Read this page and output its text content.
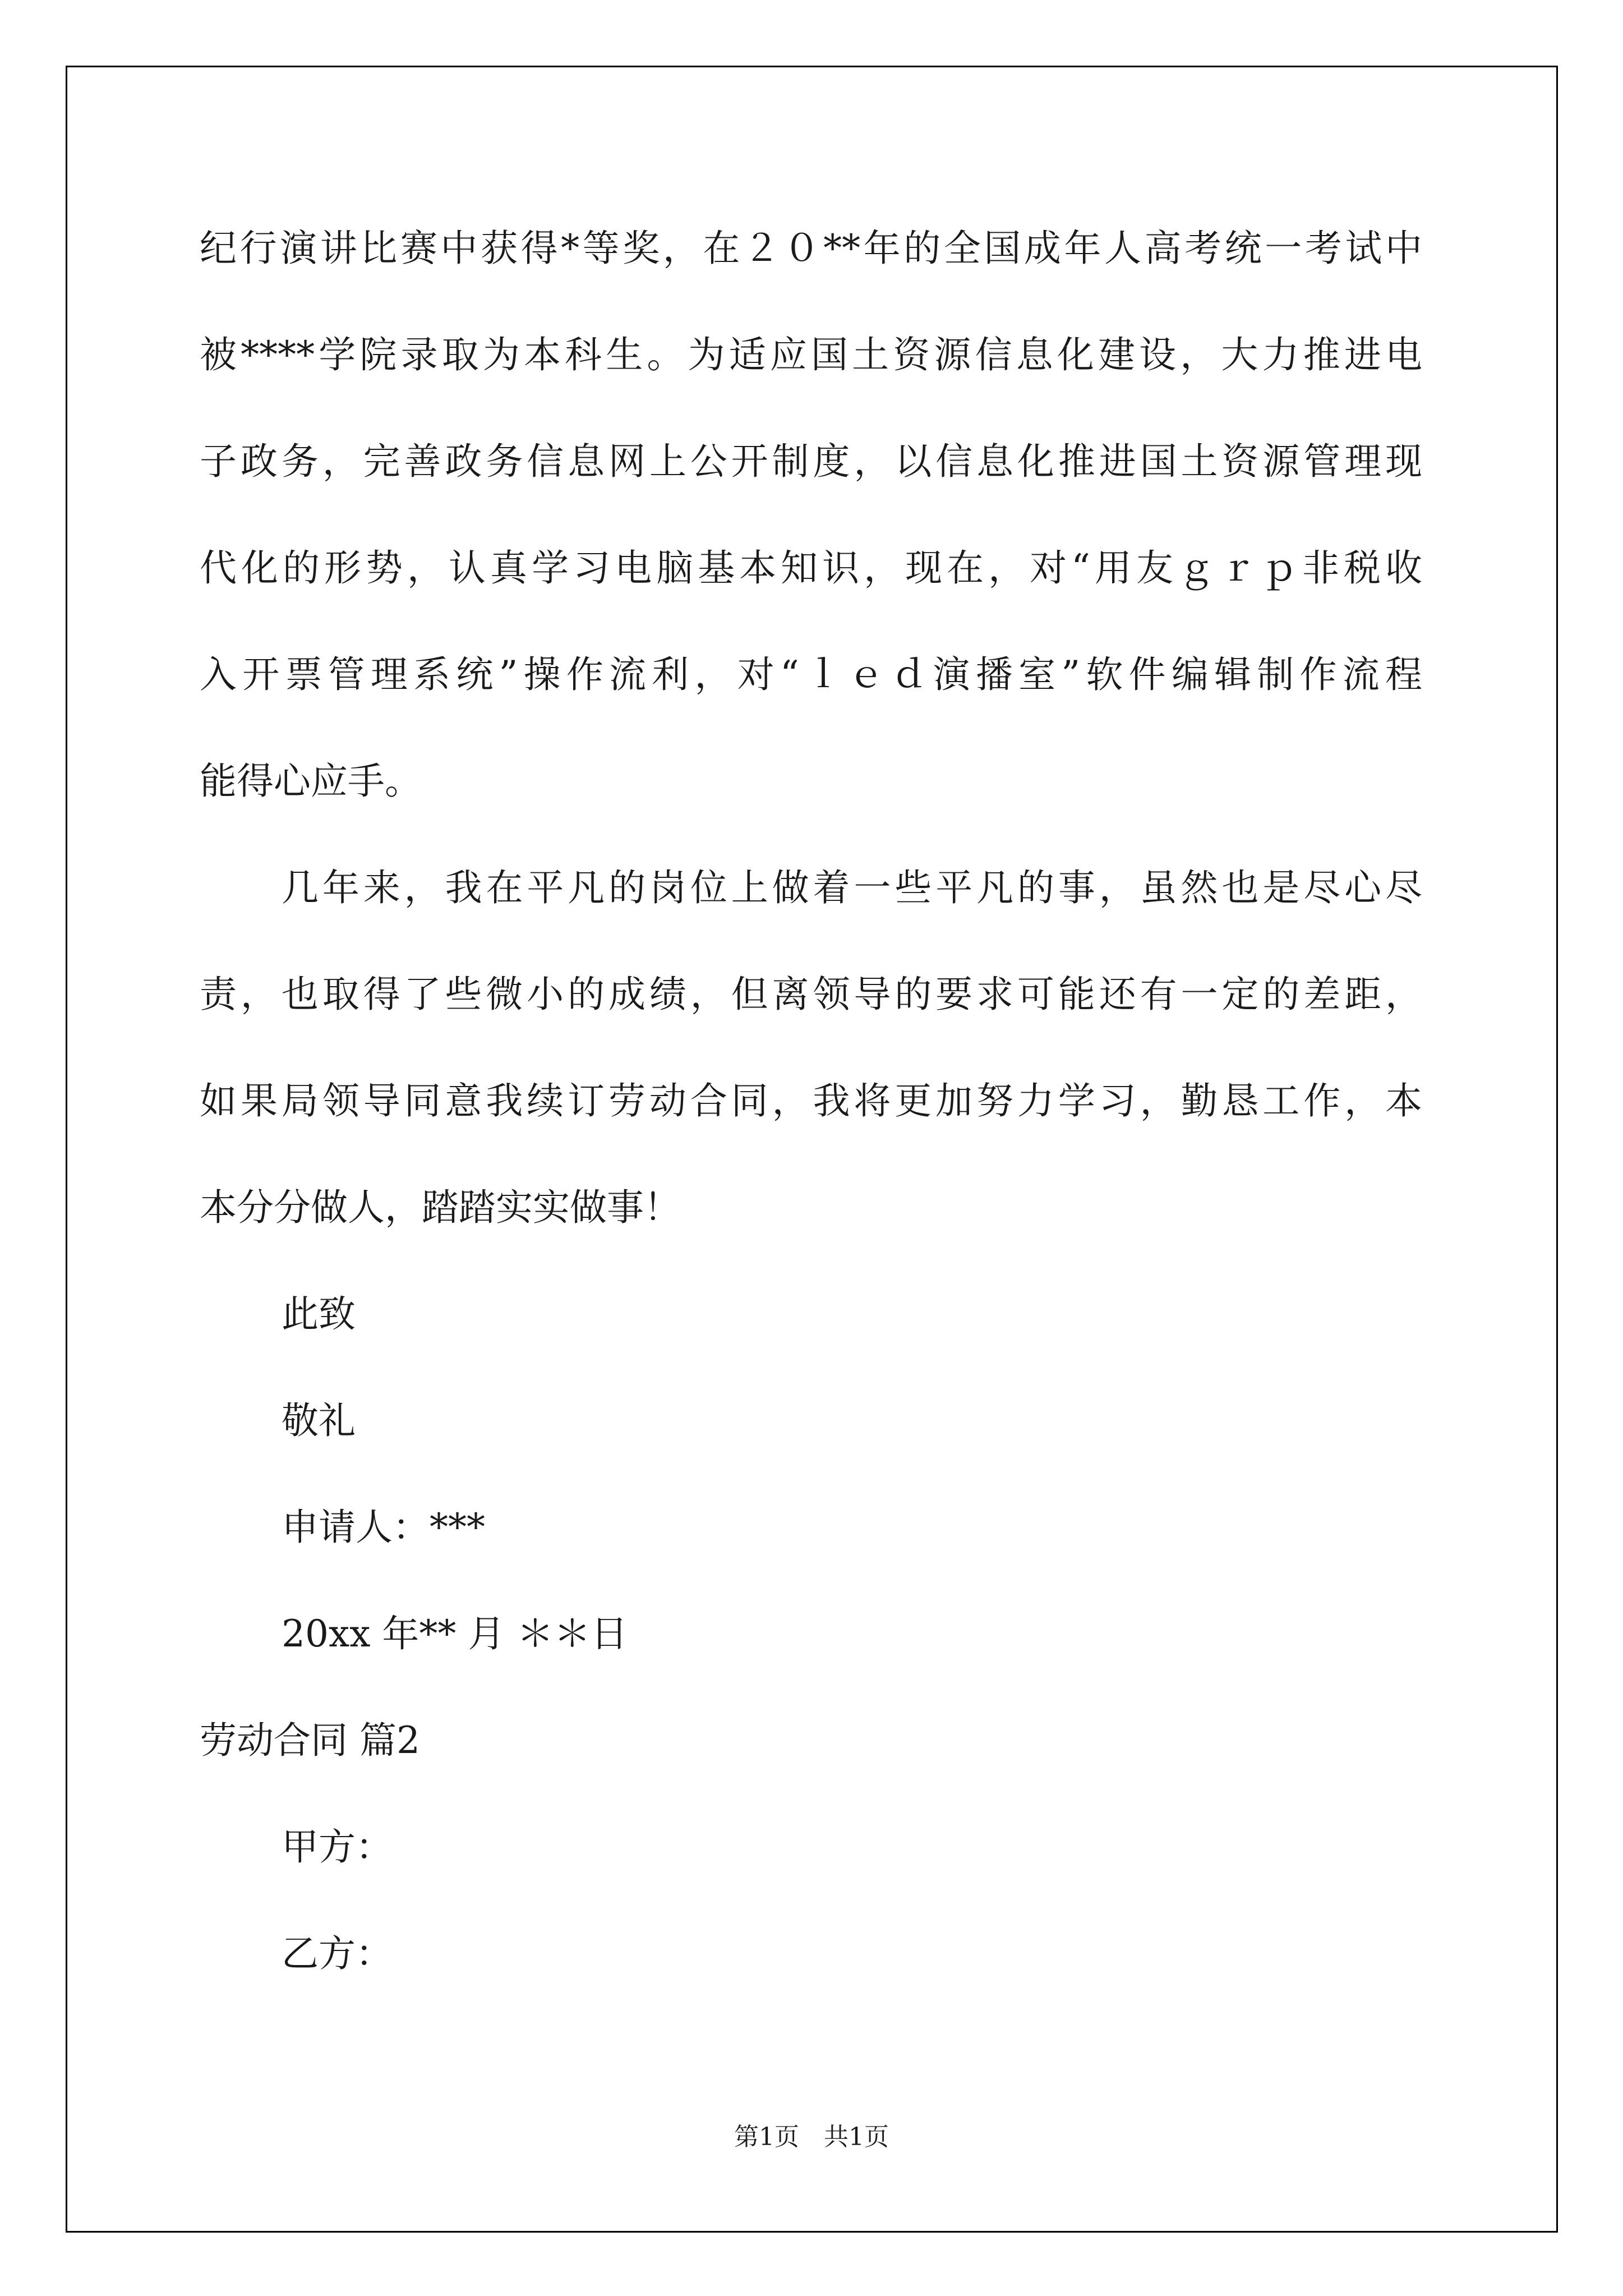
纪行演讲比赛中获得*等奖，在２０**年的全国成年人高考统一考试中
被****学院录取为本科生。为适应国土资源信息化建设，大力推进电
子政务，完善政务信息网上公开制度，以信息化推进国土资源管理现
代化的形势，认真学习电脑基本知识，现在，对“用友ｇｒｐ非税收
入开票管理系统”操作流利，对“ｌｅｄ演播室”软件编辑制作流程
能得心应手。
几年来，我在平凡的岗位上做着一些平凡的事，虽然也是尽心尽
责，也取得了些微小的成绩，但离领导的要求可能还有一定的差距，
如果局领导同意我续订劳动合同，我将更加努力学习，勤恳工作，本
本分分做人，踏踏实实做事！
此致
敬礼
申请人：***
20xx 年** 月 ＊＊日
劳动合同 篇2
甲方：
乙方：
第1页　共1页
